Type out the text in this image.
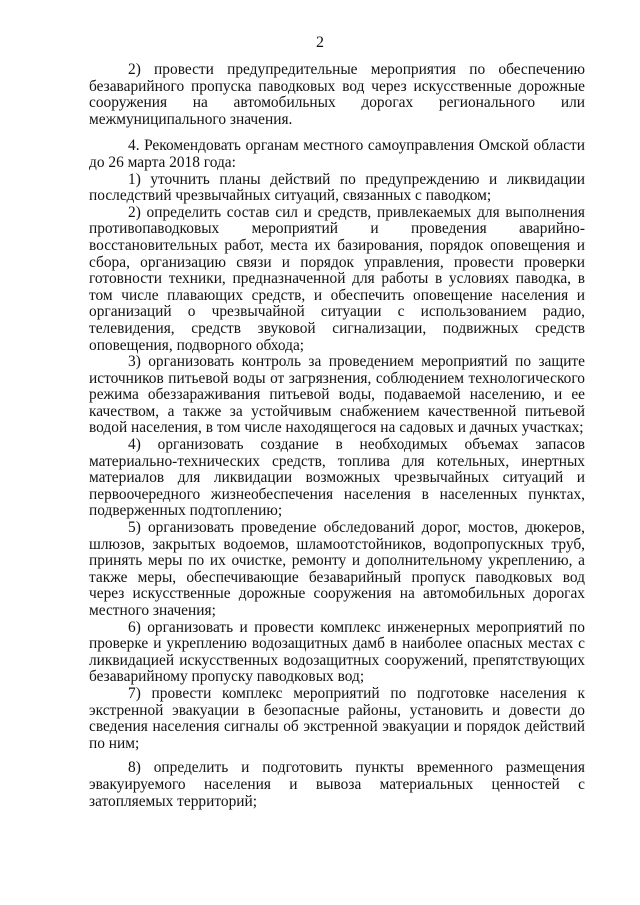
2

2) провести предупредительные мероприятия по обеспечению безаварийного пропуска паводковых вод через искусственные дорожные сооружения на автомобильных дорогах регионального или межмуниципального значения.

4. Рекомендовать органам местного самоуправления Омской области до 26 марта 2018 года:

1) уточнить планы действий по предупреждению и ликвидации последствий чрезвычайных ситуаций, связанных с паводком;

2) определить состав сил и средств, привлекаемых для выполнения противопаводковых мероприятий и проведения аварийно-восстановительных работ, места их базирования, порядок оповещения и сбора, организацию связи и порядок управления, провести проверки готовности техники, предназначенной для работы в условиях паводка, в том числе плавающих средств, и обеспечить оповещение населения и организаций о чрезвычайной ситуации с использованием радио, телевидения, средств звуковой сигнализации, подвижных средств оповещения, подворного обхода;

3) организовать контроль за проведением мероприятий по защите источников питьевой воды от загрязнения, соблюдением технологического режима обеззараживания питьевой воды, подаваемой населению, и ее качеством, а также за устойчивым снабжением качественной питьевой водой населения, в том числе находящегося на садовых и дачных участках;

4) организовать создание в необходимых объемах запасов материально-технических средств, топлива для котельных, инертных материалов для ликвидации возможных чрезвычайных ситуаций и первоочередного жизнеобеспечения населения в населенных пунктах, подверженных подтоплению;

5) организовать проведение обследований дорог, мостов, дюкеров, шлюзов, закрытых водоемов, шламоотстойников, водопропускных труб, принять меры по их очистке, ремонту и дополнительному укреплению, а также меры, обеспечивающие безаварийный пропуск паводковых вод через искусственные дорожные сооружения на автомобильных дорогах местного значения;

6) организовать и провести комплекс инженерных мероприятий по проверке и укреплению водозащитных дамб в наиболее опасных местах с ликвидацией искусственных водозащитных сооружений, препятствующих безаварийному пропуску паводковых вод;

7) провести комплекс мероприятий по подготовке населения к экстренной эвакуации в безопасные районы, установить и довести до сведения населения сигналы об экстренной эвакуации и порядок действий по ним;

8) определить и подготовить пункты временного размещения эвакуируемого населения и вывоза материальных ценностей с затопляемых территорий;
